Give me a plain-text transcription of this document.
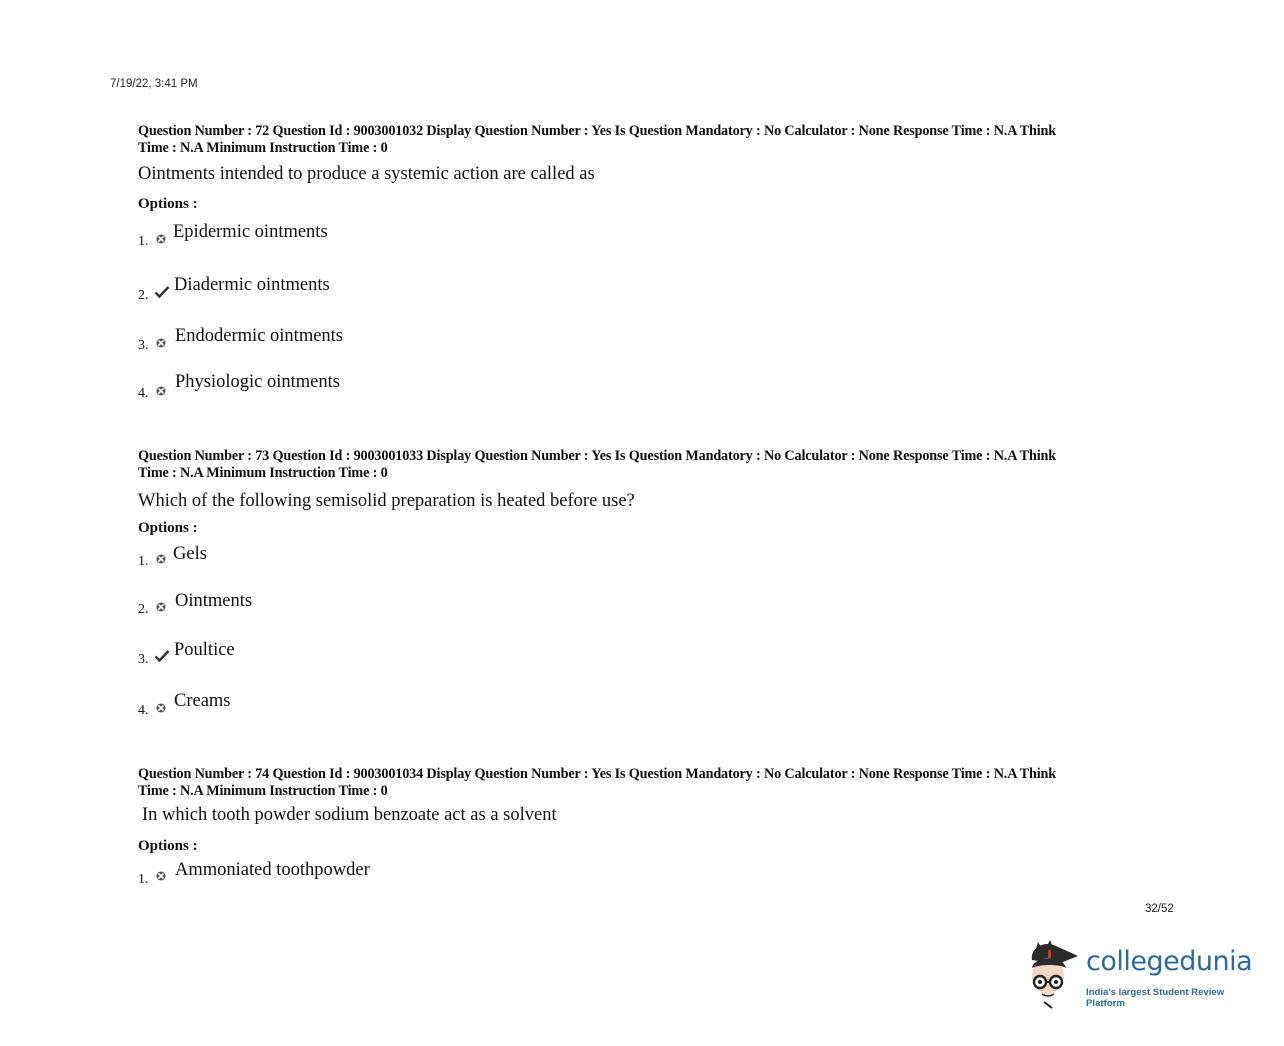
7/19/22, 3:41 PM

Question Number : 72 Question Id : 9003001032 Display Question Number : Yes Is Question Mandatory : No Calculator : None Response Time : N.A Think
Time : N.A Minimum Instruction Time : 0

Ointments intended to produce a systemic action are called as

Options :

1. Epidermic ointments
2.
Diadermic ointments
3. Endodermic ointments
4.
Physiologic ointments

Question Number : 73 Question Id : 9003001033 Display Question Number : Yes Is Question Mandatory : No Calculator : None Response Time : N.A Think
Time : N.A Minimum Instruction Time : 0

Which of the following semisolid preparation is heated before use?

Options :

1. Gels
2. Ointments
3. Poultice
4. Creams

Question Number : 74 Question Id : 9003001034 Display Question Number : Yes Is Question Mandatory : No Calculator : None Response Time : N.A Think
Time : N.A Minimum Instruction Time : 0

In which tooth powder sodium benzoate act as a solvent

Options :

1. Ammoniated toothpowder
32/52
collegedunia
India's largest Student Review Platform
